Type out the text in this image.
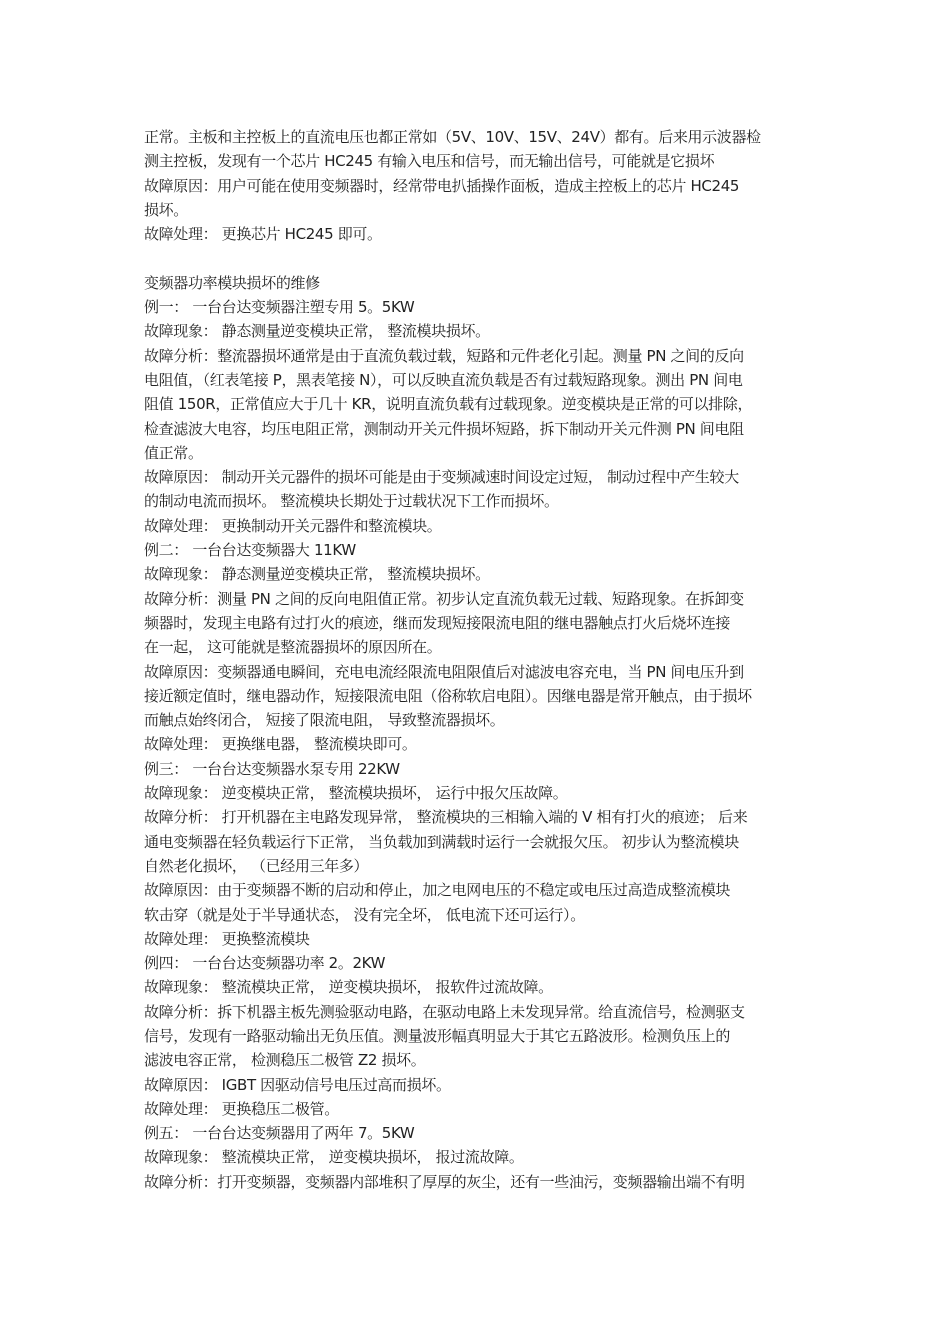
正常。主板和主控板上的直流电压也都正常如（5V、10V、15V、24V）都有。后来用示波器检
测主控板，发现有一个芯片 HC245 有输入电压和信号，而无输出信号，可能就是它损坏
故障原因：用户可能在使用变频器时，经常带电扒插操作面板，造成主控板上的芯片 HC245
损坏。
故障处理： 更换芯片 HC245 即可。
变频器功率模块损坏的维修
例一： 一台台达变频器注塑专用 5。5KW
故障现象： 静态测量逆变模块正常， 整流模块损坏。
故障分析：整流器损坏通常是由于直流负载过载，短路和元件老化引起。测量 PN 之间的反向
电阻值，（红表笔接 P，黑表笔接 N），可以反映直流负载是否有过载短路现象。测出 PN 间电
阻值 150R，正常值应大于几十 KR，说明直流负载有过载现象。逆变模块是正常的可以排除，
检查滤波大电容，均压电阻正常，测制动开关元件损坏短路，拆下制动开关元件测 PN 间电阻
值正常。
故障原因： 制动开关元器件的损坏可能是由于变频减速时间设定过短， 制动过程中产生较大
的制动电流而损坏。 整流模块长期处于过载状况下工作而损坏。
故障处理： 更换制动开关元器件和整流模块。
例二： 一台台达变频器大 11KW
故障现象： 静态测量逆变模块正常， 整流模块损坏。
故障分析：测量 PN 之间的反向电阻值正常。初步认定直流负载无过载、短路现象。在拆卸变
频器时，发现主电路有过打火的痕迹，继而发现短接限流电阻的继电器触点打火后烧坏连接
在一起， 这可能就是整流器损坏的原因所在。
故障原因：变频器通电瞬间，充电电流经限流电阻限值后对滤波电容充电，当 PN 间电压升到
接近额定值时，继电器动作，短接限流电阻（俗称软启电阻）。因继电器是常开触点，由于损坏
而触点始终闭合， 短接了限流电阻， 导致整流器损坏。
故障处理： 更换继电器， 整流模块即可。
例三： 一台台达变频器水泵专用 22KW
故障现象： 逆变模块正常， 整流模块损坏， 运行中报欠压故障。
故障分析： 打开机器在主电路发现异常， 整流模块的三相输入端的 V 相有打火的痕迹； 后来
通电变频器在轻负载运行下正常， 当负载加到满载时运行一会就报欠压。 初步认为整流模块
自然老化损坏， （已经用三年多）
故障原因：由于变频器不断的启动和停止，加之电网电压的不稳定或电压过高造成整流模块
软击穿（就是处于半导通状态， 没有完全坏， 低电流下还可运行）。
故障处理： 更换整流模块
例四： 一台台达变频器功率 2。2KW
故障现象： 整流模块正常， 逆变模块损坏， 报软件过流故障。
故障分析：拆下机器主板先测验驱动电路，在驱动电路上未发现异常。给直流信号，检测驱支
信号，发现有一路驱动输出无负压值。测量波形幅真明显大于其它五路波形。检测负压上的
滤波电容正常， 检测稳压二极管 Z2 损坏。
故障原因： IGBT 因驱动信号电压过高而损坏。
故障处理： 更换稳压二极管。
例五： 一台台达变频器用了两年 7。5KW
故障现象： 整流模块正常， 逆变模块损坏， 报过流故障。
故障分析：打开变频器，变频器内部堆积了厚厚的灰尘，还有一些油污，变频器输出端不有明
